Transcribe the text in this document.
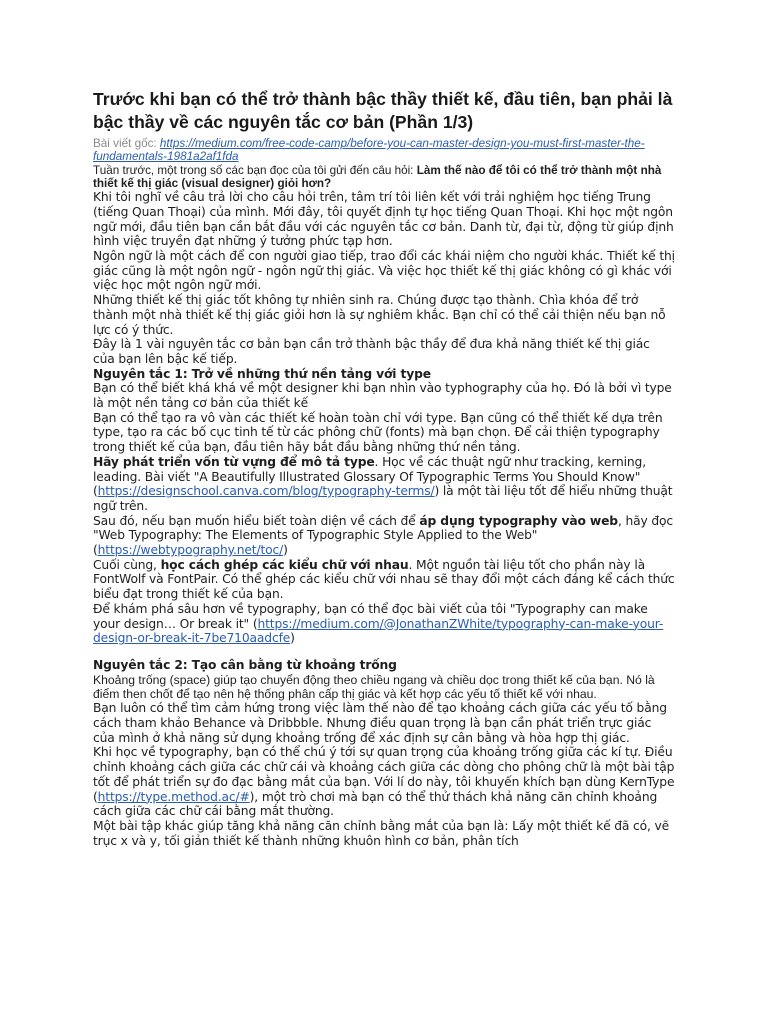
Trước khi bạn có thể trở thành bậc thầy thiết kế, đầu tiên, bạn phải là bậc thầy về các nguyên tắc cơ bản (Phần 1/3)

Bài viết gốc: https://medium.com/free-code-camp/before-you-can-master-design-you-must-first-master-the-fundamentals-1981a2af1fda

Tuần trước, một trong số các bạn đọc của tôi gửi đến câu hỏi: Làm thế nào để tôi có thể trở thành một nhà thiết kế thị giác (visual designer) giỏi hơn?

Khi tôi nghĩ về câu trả lời cho câu hỏi trên, tâm trí tôi liên kết với trải nghiệm học tiếng Trung (tiếng Quan Thoại) của mình. Mới đây, tôi quyết định tự học tiếng Quan Thoại. Khi học một ngôn ngữ mới, đầu tiên bạn cần bắt đầu với các nguyên tắc cơ bản. Danh từ, đại từ, động từ giúp định hình việc truyền đạt những ý tưởng phức tạp hơn.

Ngôn ngữ là một cách để con người giao tiếp, trao đổi các khái niệm cho người khác. Thiết kế thị giác cũng là một ngôn ngữ - ngôn ngữ thị giác. Và việc học thiết kế thị giác không có gì khác với việc học một ngôn ngữ mới.

Những thiết kế thị giác tốt không tự nhiên sinh ra. Chúng được tạo thành. Chìa khóa để trở thành một nhà thiết kế thị giác giỏi hơn là sự nghiêm khắc. Bạn chỉ có thể cải thiện nếu bạn nỗ lực có ý thức.

Đây là 1 vài nguyên tắc cơ bản bạn cần trở thành bậc thầy để đưa khả năng thiết kế thị giác của bạn lên bậc kế tiếp.

Nguyên tắc 1: Trở về những thứ nền tảng với type

Bạn có thể biết khá khá về một designer khi bạn nhìn vào typhography của họ. Đó là bởi vì type là một nền tảng cơ bản của thiết kế

Bạn có thể tạo ra vô vàn các thiết kế hoàn toàn chỉ với type. Bạn cũng có thể thiết kế dựa trên type, tạo ra các bố cục tinh tế từ các phông chữ (fonts) mà bạn chọn. Để cải thiện typography trong thiết kế của bạn, đầu tiên hãy bắt đầu bằng những thứ nền tảng.

Hãy phát triển vốn từ vựng để mô tả type. Học về các thuật ngữ như tracking, kerning, leading. Bài viết "A Beautifully Illustrated Glossary Of Typographic Terms You Should Know" (https://designschool.canva.com/blog/typography-terms/) là một tài liệu tốt để hiểu những thuật ngữ trên.

Sau đó, nếu bạn muốn hiểu biết toàn diện về cách để áp dụng typography vào web, hãy đọc "Web Typography: The Elements of Typographic Style Applied to the Web" (https://webtypography.net/toc/)

Cuối cùng, học cách ghép các kiểu chữ với nhau. Một nguồn tài liệu tốt cho phần này là FontWolf và FontPair. Có thể ghép các kiểu chữ với nhau sẽ thay đổi một cách đáng kể cách thức biểu đạt trong thiết kế của bạn.

Để khám phá sâu hơn về typography, bạn có thể đọc bài viết của tôi "Typography can make your design… Or break it" (https://medium.com/@JonathanZWhite/typography-can-make-your-design-or-break-it-7be710aadcfe)

Nguyên tắc 2: Tạo cân bằng từ khoảng trống

Khoảng trống (space) giúp tạo chuyển động theo chiều ngang và chiều dọc trong thiết kế của bạn. Nó là điểm then chốt để tạo nên hệ thống phân cấp thị giác và kết hợp các yếu tố thiết kế với nhau.

Bạn luôn có thể tìm cảm hứng trong việc làm thế nào để tạo khoảng cách giữa các yếu tố bằng cách tham khảo Behance và Dribbble. Nhưng điều quan trọng là bạn cần phát triển trực giác của mình ở khả năng sử dụng khoảng trống để xác định sự cân bằng và hòa hợp thị giác.

Khi học về typography, bạn có thể chú ý tới sự quan trọng của khoảng trống giữa các kí tự. Điều chỉnh khoảng cách giữa các chữ cái và khoảng cách giữa các dòng cho phông chữ là một bài tập tốt để phát triển sự đo đạc bằng mắt của bạn. Với lí do này, tôi khuyến khích bạn dùng KernType (https://type.method.ac/#), một trò chơi mà bạn có thể thử thách khả năng căn chỉnh khoảng cách giữa các chữ cái bằng mắt thường.

Một bài tập khác giúp tăng khả năng căn chỉnh bằng mắt của bạn là: Lấy một thiết kế đã có, vẽ trục x và y, tối giản thiết kế thành những khuôn hình cơ bản, phân tích
